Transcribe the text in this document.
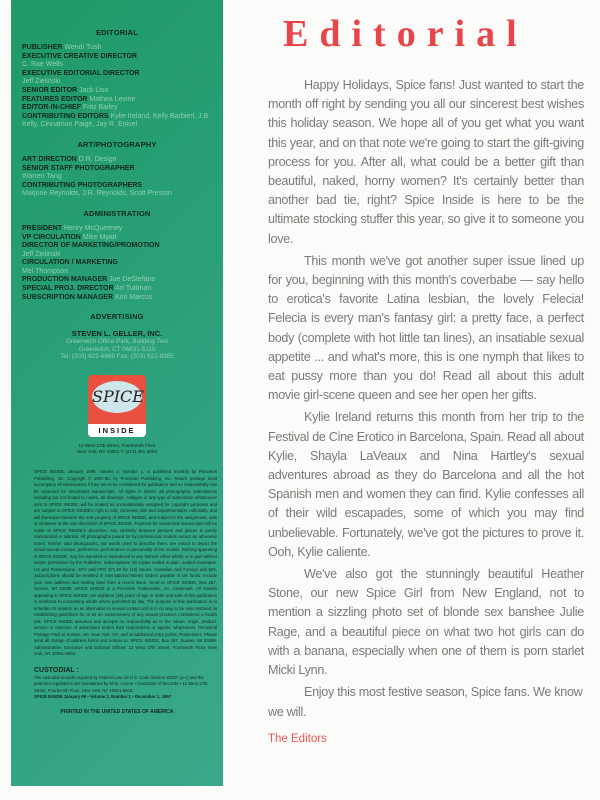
EDITORIAL

PUBLISHER Wendi Tush
EXECUTIVE CREATIVE DIRECTOR
C. Rae Wells
EXECUTIVE EDITORIAL DIRECTOR
Jeff Zielinski
SENIOR EDITOR Jack Lisa
FEATURES EDITOR Mathea Levine
EDITOR-IN-CHIEF Fritz Bailey
CONTRIBUTING EDITORS Kylie Ireland, Kelly Barbieri, J.B. Kelly, Cinnamon Paige, Jay R. Enivel

ART/PHOTOGRAPHY

ART DIRECTION D.R. Design
SENIOR STAFF PHOTOGRAPHER
Warren Tang
CONTRIBUTING PHOTOGRAPHERS
Marjorie Reynolds, J.R. Reynolds, Scott Preston

ADMINISTRATION

PRESIDENT Henry McQueeney
VP CIRCULATION Mike Myatt
DIRECTOR OF MARKETING/PROMOTION
Jeff Zielinski
CIRCULATION / MARKETING
Mel Thompson
PRODUCTION MANAGER Joe DeStefano
SPECIAL PROJ. DIRECTOR Art Tuttman
SUBSCRIPTION MANAGER Kori Marcus

ADVERTISING

STEVEN L. GELLER, INC.
Greenwich Office Park, Building Two
Greenwich, CT 06831-5115
Tel: (203) 622-6669 Fax: (203) 622-8885
SPICE
INSIDE
12 West 27th Street, Fourteenth Floor
New York, NY 10001 T: (212) 481-3004
SPICE INSIDE, January 1998, Volume 2, Number 1, is published monthly by Princeton Publishing, Inc. Copyright © 1997-98, by Princeton Publishing, Inc. Return postage must accompany all submissions if they are to be considered for publication and no responsibility can be assumed for unsolicited manuscripts. All rights in letters, all photographic submissions including but not limited to nudes, all drawings, collages or any type of submission whatsoever sent to SPICE INSIDE, will be treated as unconditionally assigned for copyright purposes and are subject to SPICE INSIDE's right to edit, comment, title and departmentalize editorially, and will thereupon become the sole property of SPICE INSIDE, and subject to the assignment, sale or whatever at the sole discretion of SPICE INSIDE. Payment for unsolicited manuscripts will be made at SPICE INSIDE's discretion. Any similarity between persons and places is purely coincidental or satirical. All photographs posed for by professional models except as otherwise noted. Neither said photographs, nor words used to describe them, are meant to depict the actual sexual conduct, preference, performance or personality of the models. Nothing appearing in SPICE INSIDE, may be reprinted or reproduced in any fashion either wholly or in part without written permission by the Publisher. Subscriptions: All copies mailed in plain, sealed envelopes. US and Possessions, APO and FPO $71.40 for (12) issues. Canadian and Foreign add $25. Subscriptions should be remitted in International Money Orders payable in US funds. Include your new address and mailing label from a recent issue. Send to SPICE INSIDE, Box 267, Sussex, WI 53089. SPICE INSIDE is a Princeton Trademarks, Inc. trademark. All models appearing in SPICE INSIDE, are eighteen (18) years of age or older and sale of this publication is restricted to consenting adults where permitted by law. The purpose of this publication is to entertain its readers as an alternative to sexual contact and is in no way to be misconstrued as establishing guidelines for or as an endorsement of any sexual practices considered a health risk. SPICE INSIDE assumes and accepts no responsibility as to the nature, origin, product, service or outcome of advertisers and/or their respondents or agents, whatsoever. Periodical Postage Paid at Sussex, WI, New York, NY, and at additional entry points. Postmaster: Please send all change of address forms and notices to: SPICE INSIDE, Box 267, Sussex, WI 53089. Administrative, Executive and Editorial Offices: 12 West 27th Street, Fourteenth Floor, New York, NY 10001-6903.
CUSTODIAL :
The custodial records required by Federal Law 18 U.S. Code Section #2257 (a-c) and the pertinent regulations are maintained by M.W. Levine • Custodian of Records • 12 West 27th Street, Fourteenth Floor, New York, NY 10001-6903.
SPICE INSIDE January 98 • Volume 2, Number 1 • December 1, 1997
PRINTED IN THE UNITED STATES OF AMERICA
Editorial

Happy Holidays, Spice fans! Just wanted to start the month off right by sending you all our sincerest best wishes this holiday season. We hope all of you get what you want this year, and on that note we're going to start the gift-giving process for you. After all, what could be a better gift than beautiful, naked, horny women? It's certainly better than another bad tie, right? Spice Inside is here to be the ultimate stocking stuffer this year, so give it to someone you love.

This month we've got another super issue lined up for you, beginning with this month's coverbabe — say hello to erotica's favorite Latina lesbian, the lovely Felecia! Felecia is every man's fantasy girl: a pretty face, a perfect body (complete with hot little tan lines), an insatiable sexual appetite ... and what's more, this is one nymph that likes to eat pussy more than you do! Read all about this adult movie girl-scene queen and see her open her gifts.

Kylie Ireland returns this month from her trip to the Festival de Cine Erotico in Barcelona, Spain. Read all about Kylie, Shayla LaVeaux and Nina Hartley's sexual adventures abroad as they do Barcelona and all the hot Spanish men and women they can find. Kylie confesses all of their wild escapades, some of which you may find unbelievable. Fortunately, we've got the pictures to prove it. Ooh, Kylie caliente.

We've also got the stunningly beautiful Heather Stone, our new Spice Girl from New England, not to mention a sizzling photo set of blonde sex banshee Julie Rage, and a beautiful piece on what two hot girls can do with a banana, especially when one of them is porn starlet Micki Lynn.

Enjoy this most festive season, Spice fans. We know we will.

The Editors
